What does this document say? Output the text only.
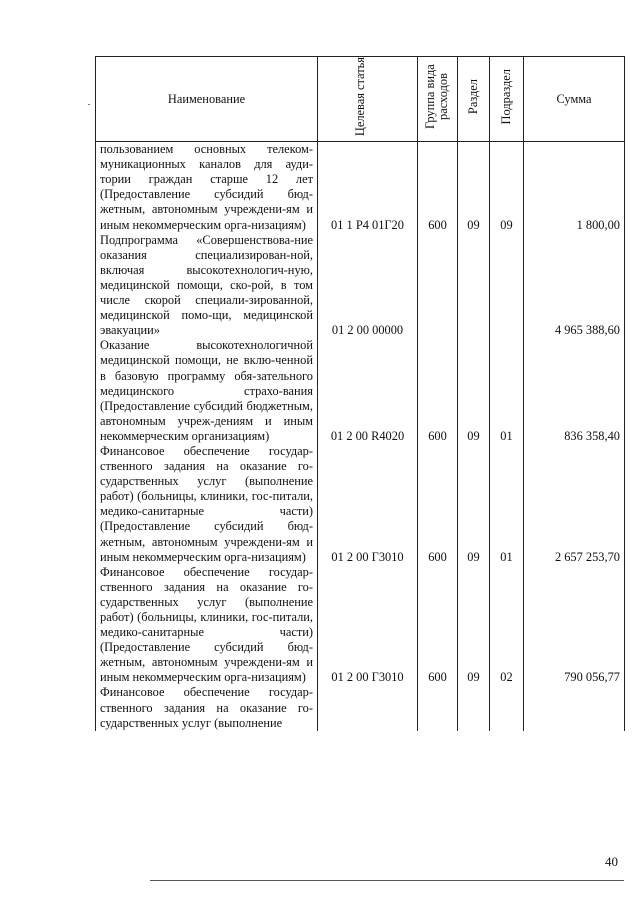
Наименование	Целевая статья	Группа вида расходов	Раздел	Подраздел	Сумма
пользованием основных телеком-муникационных каналов для ауди-тории граждан старше 12 лет (Предоставление субсидий бюд-жетным, автономным учреждени-ям и иным некоммерческим орга-низациям)	01 1 Р4 01Г20	600	09	09	1 800,00
Подпрограмма «Совершенствова-ние оказания специализирован-ной, включая высокотехнологич-ную, медицинской помощи, ско-рой, в том числе скорой специали-зированной, медицинской помо-щи, медицинской эвакуации»	01 2 00 00000				4 965 388,60
Оказание высокотехнологичной медицинской помощи, не вклю-ченной в базовую программу обя-зательного медицинского страхо-вания (Предоставление субсидий бюджетным, автономным учреж-дениям и иным некоммерческим организациям)	01 2 00 R4020	600	09	01	836 358,40
Финансовое обеспечение государ-ственного задания на оказание го-сударственных услуг (выполнение работ) (больницы, клиники, гос-питали, медико-санитарные части) (Предоставление субсидий бюд-жетным, автономным учреждени-ям и иным некоммерческим орга-низациям)	01 2 00 Г3010	600	09	01	2 657 253,70
Финансовое обеспечение государ-ственного задания на оказание го-сударственных услуг (выполнение работ) (больницы, клиники, гос-питали, медико-санитарные части) (Предоставление субсидий бюд-жетным, автономным учреждени-ям и иным некоммерческим орга-низациям)	01 2 00 Г3010	600	09	02	790 056,77
Финансовое обеспечение государ-ственного задания на оказание го-сударственных услуг (выполнение					
40
